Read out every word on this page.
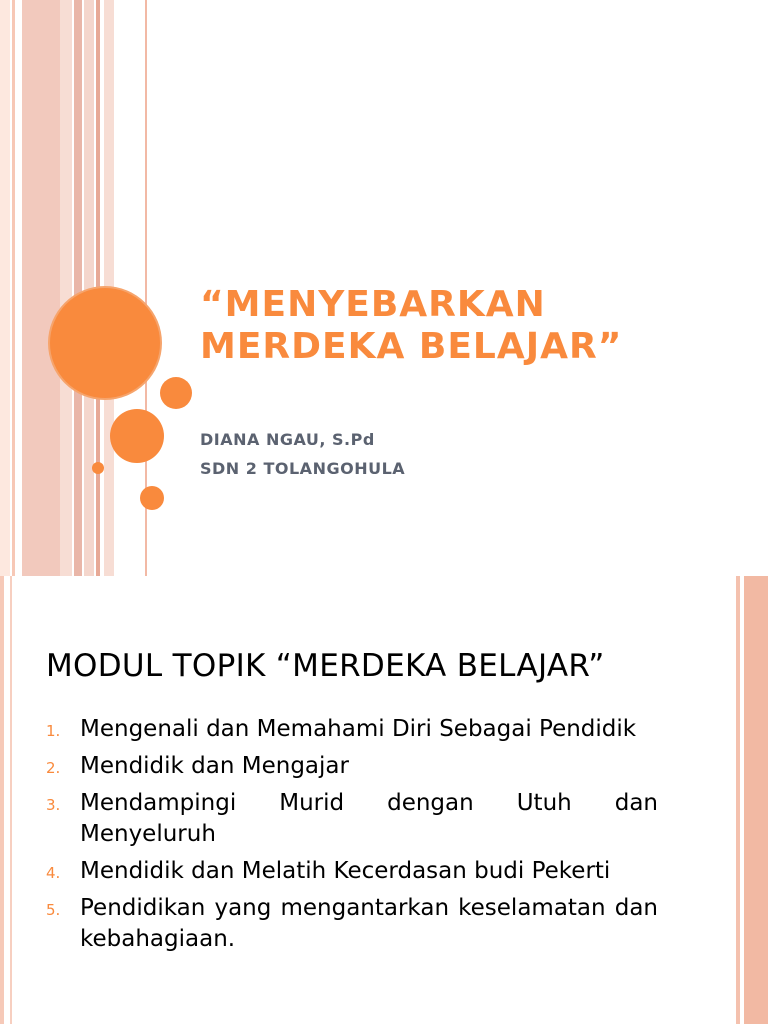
“MENYEBARKAN MERDEKA BELAJAR”
DIANA NGAU, S.Pd
SDN 2 TOLANGOHULA
MODUL TOPIK “MERDEKA BELAJAR”
1. Mengenali dan Memahami Diri Sebagai Pendidik
2. Mendidik dan Mengajar
3. Mendampingi Murid dengan Utuh dan Menyeluruh
4. Mendidik dan Melatih Kecerdasan budi Pekerti
5. Pendidikan yang mengantarkan keselamatan dan kebahagiaan.
